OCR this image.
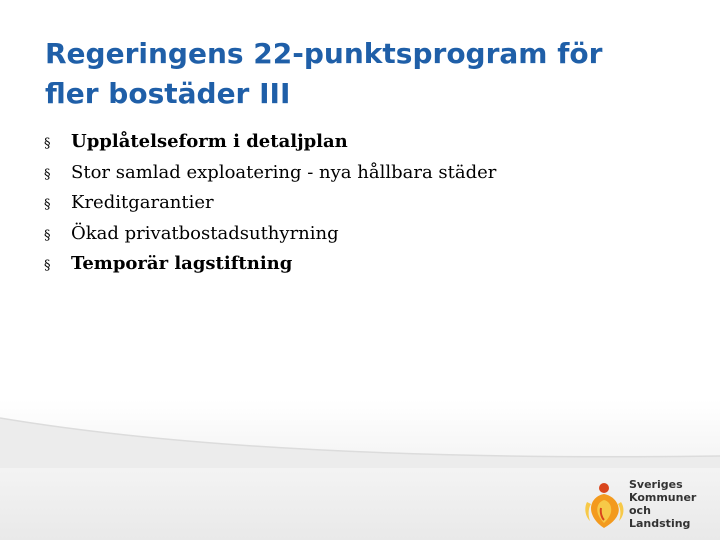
Regeringens 22-punktsprogram för
fler bostäder III
§	Upplåtelseform i detaljplan
§	Stor samlad exploatering - nya hållbara städer
§	Kreditgarantier
§	Ökad privatbostadsuthyrning
§	Temporär lagstiftning
Sveriges
Kommuner
och Landsting
